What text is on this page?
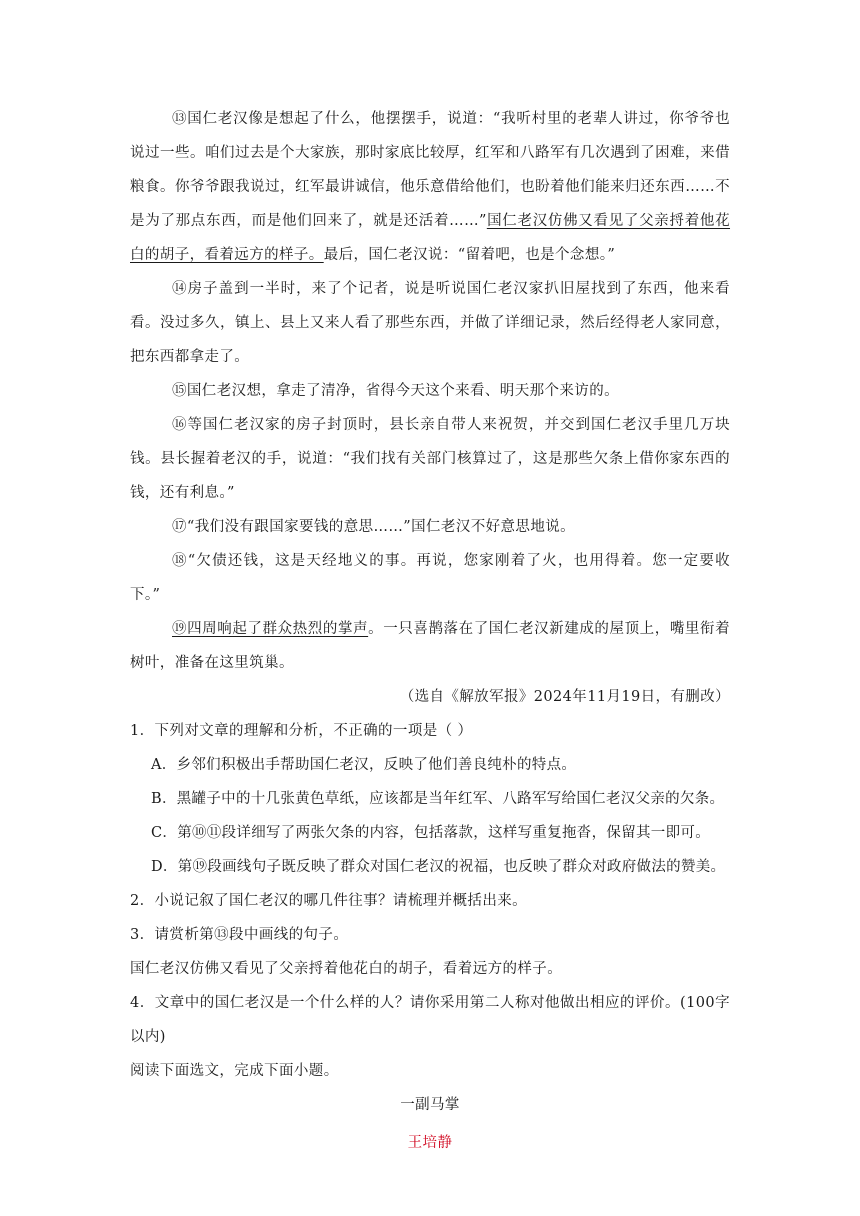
⑬国仁老汉像是想起了什么，他摆摆手，说道：“我听村里的老辈人讲过，你爷爷也说过一些。咱们过去是个大家族，那时家底比较厚，红军和八路军有几次遇到了困难，来借粮食。你爷爷跟我说过，红军最讲诚信，他乐意借给他们，也盼着他们能来归还东西……不是为了那点东西，而是他们回来了，就是还活着……”国仁老汉仿佛又看见了父亲捋着他花白的胡子，看着远方的样子。最后，国仁老汉说：“留着吧，也是个念想。”

⑭房子盖到一半时，来了个记者，说是听说国仁老汉家扒旧屋找到了东西，他来看看。没过多久，镇上、县上又来人看了那些东西，并做了详细记录，然后经得老人家同意，把东西都拿走了。

⑮国仁老汉想，拿走了清净，省得今天这个来看、明天那个来访的。

⑯等国仁老汉家的房子封顶时，县长亲自带人来祝贺，并交到国仁老汉手里几万块钱。县长握着老汉的手，说道：“我们找有关部门核算过了，这是那些欠条上借你家东西的钱，还有利息。”

⑰“我们没有跟国家要钱的意思……”国仁老汉不好意思地说。

⑱“欠债还钱，这是天经地义的事。再说，您家刚着了火，也用得着。您一定要收下。”

⑲四周响起了群众热烈的掌声。一只喜鹊落在了国仁老汉新建成的屋顶上，嘴里衔着树叶，准备在这里筑巢。

（选自《解放军报》2024年11月19日，有删改）

1．下列对文章的理解和分析，不正确的一项是（ ）

A．乡邻们积极出手帮助国仁老汉，反映了他们善良纯朴的特点。

B．黑罐子中的十几张黄色草纸，应该都是当年红军、八路军写给国仁老汉父亲的欠条。

C．第⑩⑪段详细写了两张欠条的内容，包括落款，这样写重复拖沓，保留其一即可。

D．第⑲段画线句子既反映了群众对国仁老汉的祝福，也反映了群众对政府做法的赞美。

2．小说记叙了国仁老汉的哪几件往事？请梳理并概括出来。

3．请赏析第⑬段中画线的句子。

国仁老汉仿佛又看见了父亲捋着他花白的胡子，看着远方的样子。

4．文章中的国仁老汉是一个什么样的人？请你采用第二人称对他做出相应的评价。(100字以内)

阅读下面选文，完成下面小题。

一副马掌

王培静
